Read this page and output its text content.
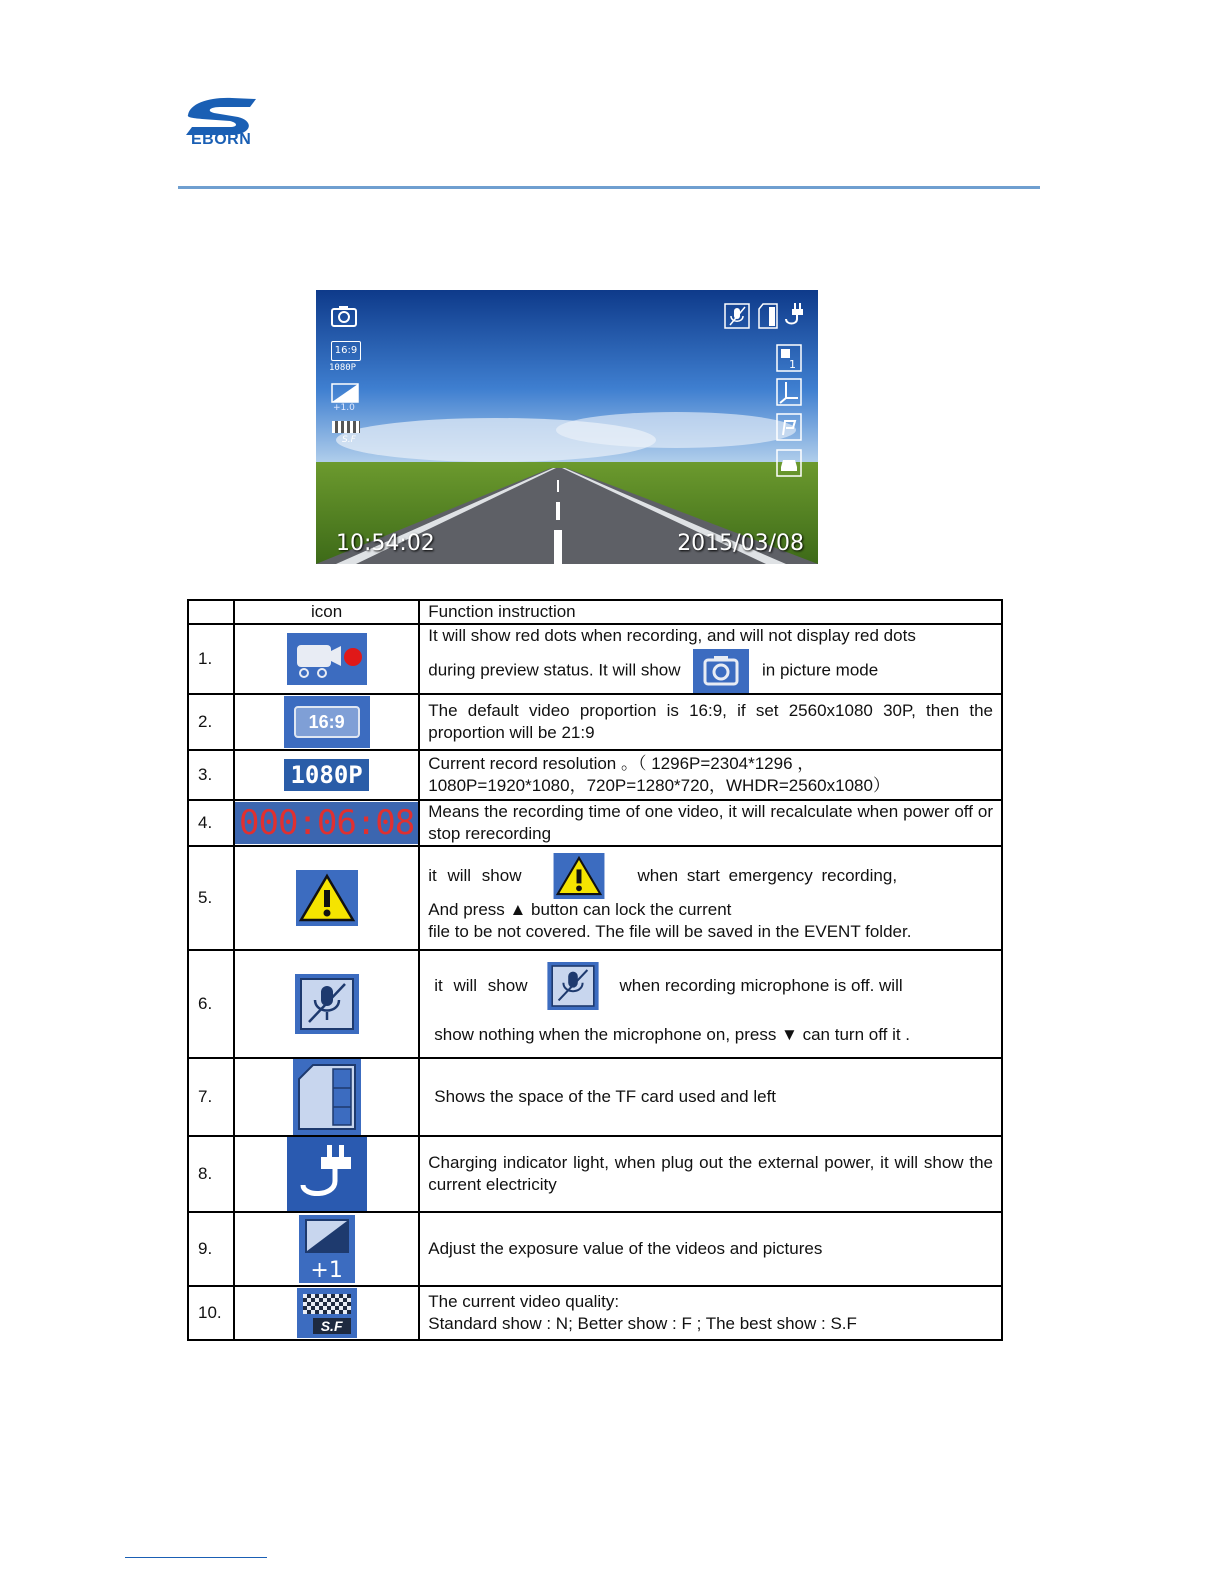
EBORN
16:9
1080P
+1.0
S.F
1
10:54:02	2015/03/08
	icon	Function instruction
1.		It will show red dots when recording, and will not display red dots
during preview status. It will show in picture mode

2.	16:9	The default video proportion is 16:9, if set 2560x1080 30P, then the proportion will be 21:9

3.	1080P	Current record resolution 。（ 1296P=2304*1296 ，
1080P=1920*1080，720P=1280*720，WHDR=2560x1080）

4.	000:06:08	Means the recording time of one video, it will recalculate when power off or stop rerecording

5.		it will show when start emergency recording,
And press ▲ button can lock the current
file to be not covered. The file will be saved in the EVENT folder.

6.		it will show when recording microphone is off. will
show nothing when the microphone on, press ▼ can turn off it .

7.		Shows the space of the TF card used and left

8.		Charging indicator light, when plug out the external power, it will show the current electricity

9.	+1	Adjust the exposure value of the videos and pictures

10.	S.F	The current video quality:
Standard show : N; Better show : F ; The best show : S.F
